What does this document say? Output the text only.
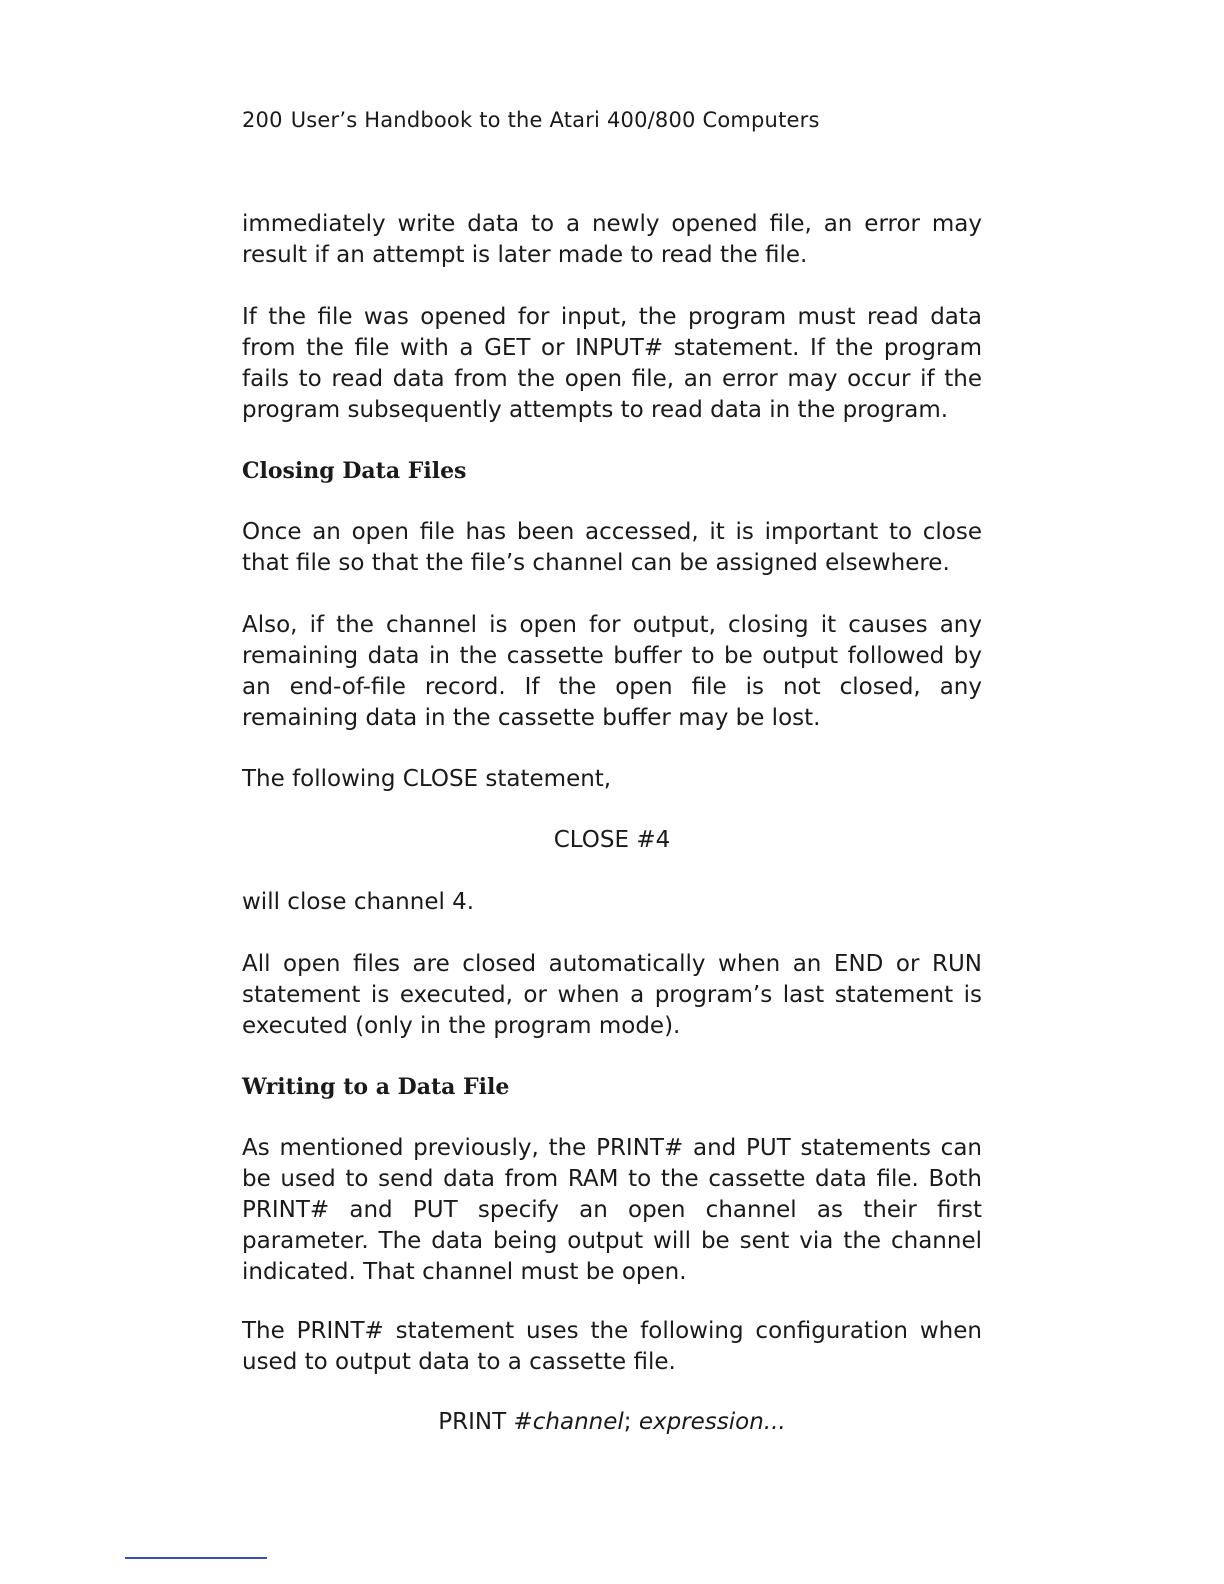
200 User’s Handbook to the Atari 400/800 Computers

immediately write data to a newly opened file, an error may result if an attempt is later made to read the file.

If the file was opened for input, the program must read data from the file with a GET or INPUT# statement. If the program fails to read data from the open file, an error may occur if the program subsequently attempts to read data in the program.

Closing Data Files

Once an open file has been accessed, it is important to close that file so that the file’s channel can be assigned elsewhere.

Also, if the channel is open for output, closing it causes any remaining data in the cassette buffer to be output followed by an end-of-file record. If the open file is not closed, any remaining data in the cassette buffer may be lost.

The following CLOSE statement,

CLOSE #4

will close channel 4.

All open files are closed automatically when an END or RUN statement is executed, or when a program’s last statement is executed (only in the program mode).

Writing to a Data File

As mentioned previously, the PRINT# and PUT statements can be used to send data from RAM to the cassette data file. Both PRINT# and PUT specify an open channel as their first parameter. The data being output will be sent via the channel indicated. That channel must be open.

The PRINT# statement uses the following configuration when used to output data to a cassette file.

PRINT #channel; expression...
